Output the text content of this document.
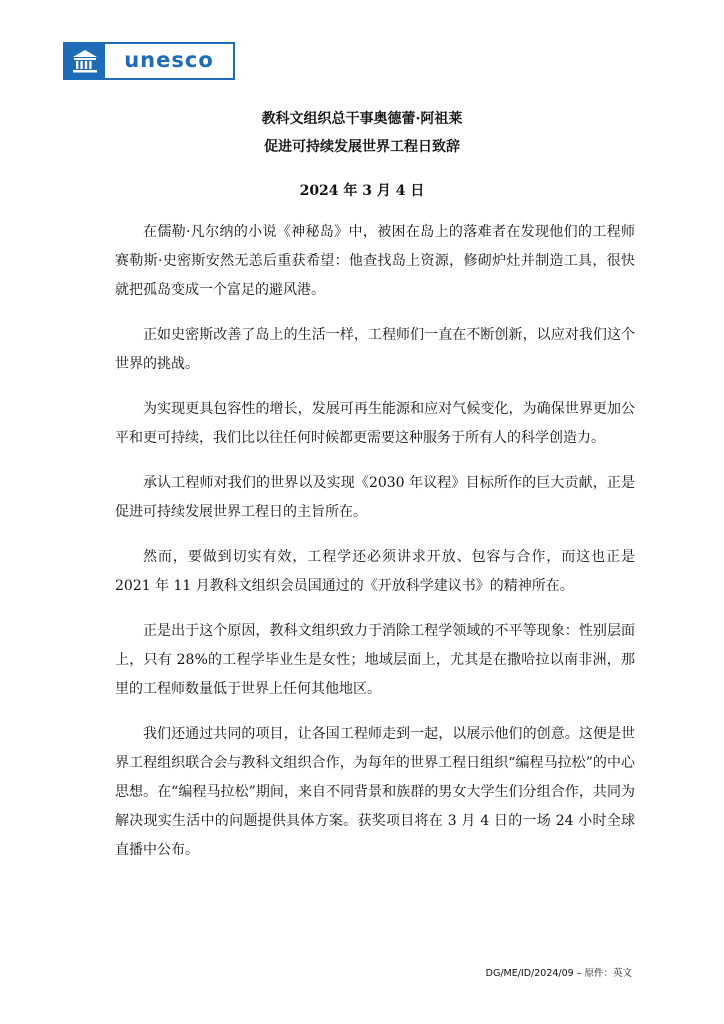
unesco
教科文组织总干事奥德蕾·阿祖莱
促进可持续发展世界工程日致辞
2024 年 3 月 4 日

在儒勒·凡尔纳的小说《神秘岛》中，被困在岛上的落难者在发现他们的工程师赛勒斯·史密斯安然无恙后重获希望：他查找岛上资源，修砌炉灶并制造工具，很快就把孤岛变成一个富足的避风港。

正如史密斯改善了岛上的生活一样，工程师们一直在不断创新，以应对我们这个世界的挑战。

为实现更具包容性的增长，发展可再生能源和应对气候变化，为确保世界更加公平和更可持续，我们比以往任何时候都更需要这种服务于所有人的科学创造力。

承认工程师对我们的世界以及实现《2030 年议程》目标所作的巨大贡献，正是促进可持续发展世界工程日的主旨所在。

然而，要做到切实有效，工程学还必须讲求开放、包容与合作，而这也正是 2021 年 11 月教科文组织会员国通过的《开放科学建议书》的精神所在。

正是出于这个原因，教科文组织致力于消除工程学领域的不平等现象：性别层面上，只有 28%的工程学毕业生是女性；地域层面上，尤其是在撒哈拉以南非洲，那里的工程师数量低于世界上任何其他地区。

我们还通过共同的项目，让各国工程师走到一起，以展示他们的创意。这便是世界工程组织联合会与教科文组织合作，为每年的世界工程日组织“编程马拉松”的中心思想。在“编程马拉松”期间，来自不同背景和族群的男女大学生们分组合作，共同为解决现实生活中的问题提供具体方案。获奖项目将在 3 月 4 日的一场 24 小时全球直播中公布。

DG/ME/ID/2024/09 – 原件：英文
